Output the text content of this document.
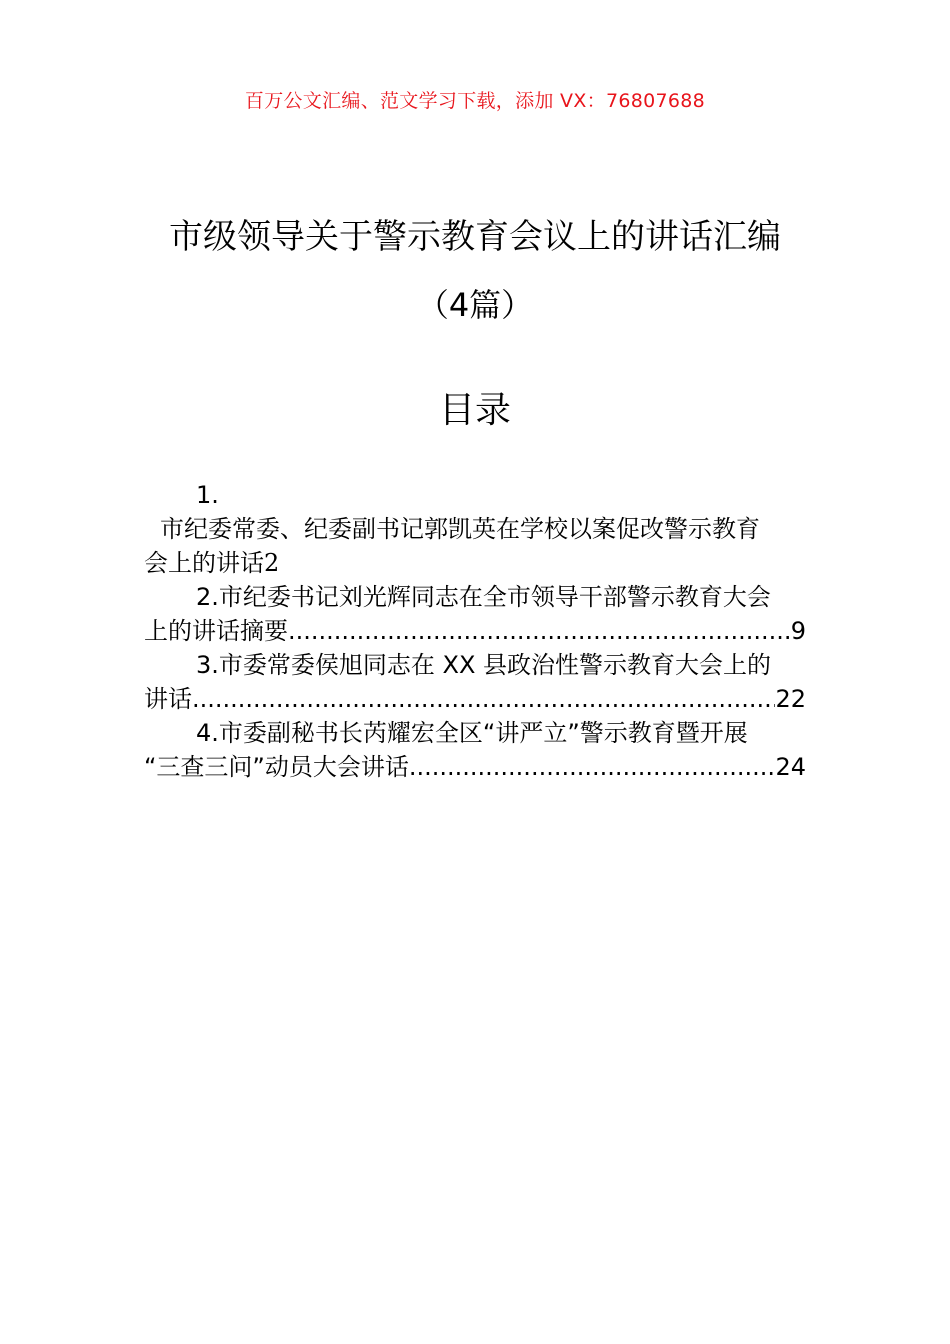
百万公文汇编、范文学习下载，添加 VX：76807688
市级领导关于警示教育会议上的讲话汇编
（4篇）
目录
1.
市纪委常委、纪委副书记郭凯英在学校以案促改警示教育
会上的讲话 2
2.市纪委书记刘光辉同志在全市领导干部警示教育大会
上的讲话摘要 .....	9
3.市委常委侯旭同志在 XX 县政治性警示教育大会上的
讲话 .....	22
4.市委副秘书长芮耀宏全区“讲严立”警示教育暨开展
“三查三问”动员大会讲话 .....	24
